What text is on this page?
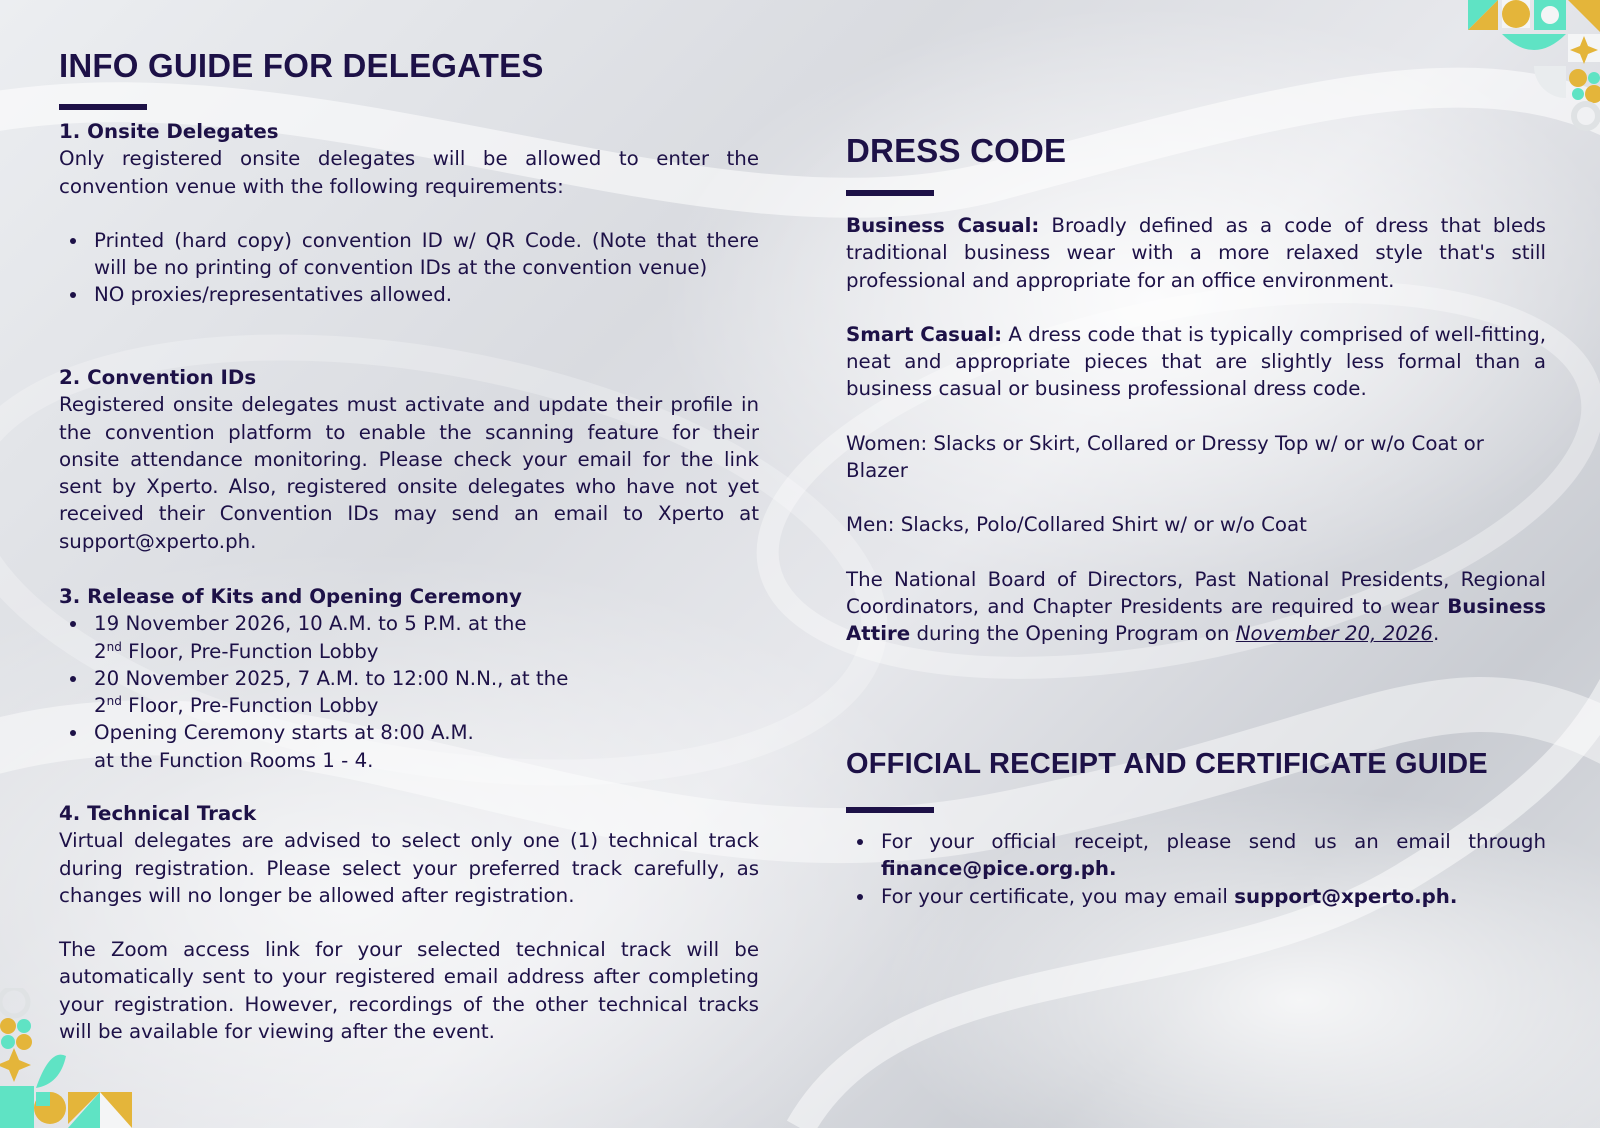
INFO GUIDE FOR DELEGATES

1. Onsite Delegates

Only registered onsite delegates will be allowed to enter the convention venue with the following requirements:

Printed (hard copy) convention ID w/ QR Code. (Note that there will be no printing of convention IDs at the convention venue)
NO proxies/representatives allowed.

2. Convention IDs

Registered onsite delegates must activate and update their profile in the convention platform to enable the scanning feature for their onsite attendance monitoring. Please check your email for the link sent by Xperto. Also, registered onsite delegates who have not yet received their Convention IDs may send an email to Xperto at support@xperto.ph.

3. Release of Kits and Opening Ceremony

19 November 2026, 10 A.M. to 5 P.M. at the
2nd Floor, Pre-Function Lobby
20 November 2025, 7 A.M. to 12:00 N.N., at the
2nd Floor, Pre-Function Lobby
Opening Ceremony starts at 8:00 A.M.
at the Function Rooms 1 - 4.

4. Technical Track

Virtual delegates are advised to select only one (1) technical track during registration. Please select your preferred track carefully, as changes will no longer be allowed after registration.

The Zoom access link for your selected technical track will be automatically sent to your registered email address after completing your registration. However, recordings of the other technical tracks will be available for viewing after the event.

DRESS CODE

Business Casual: Broadly defined as a code of dress that bleds traditional business wear with a more relaxed style that's still professional and appropriate for an office environment.

Smart Casual: A dress code that is typically comprised of well-fitting, neat and appropriate pieces that are slightly less formal than a business casual or business professional dress code.

Women: Slacks or Skirt, Collared or Dressy Top w/ or w/o Coat or Blazer

Men: Slacks, Polo/Collared Shirt w/ or w/o Coat

The National Board of Directors, Past National Presidents, Regional Coordinators, and Chapter Presidents are required to wear Business Attire during the Opening Program on November 20, 2026.

OFFICIAL RECEIPT AND CERTIFICATE GUIDE
For your official receipt, please send us an email through finance@pice.org.ph.
For your certificate, you may email support@xperto.ph.
